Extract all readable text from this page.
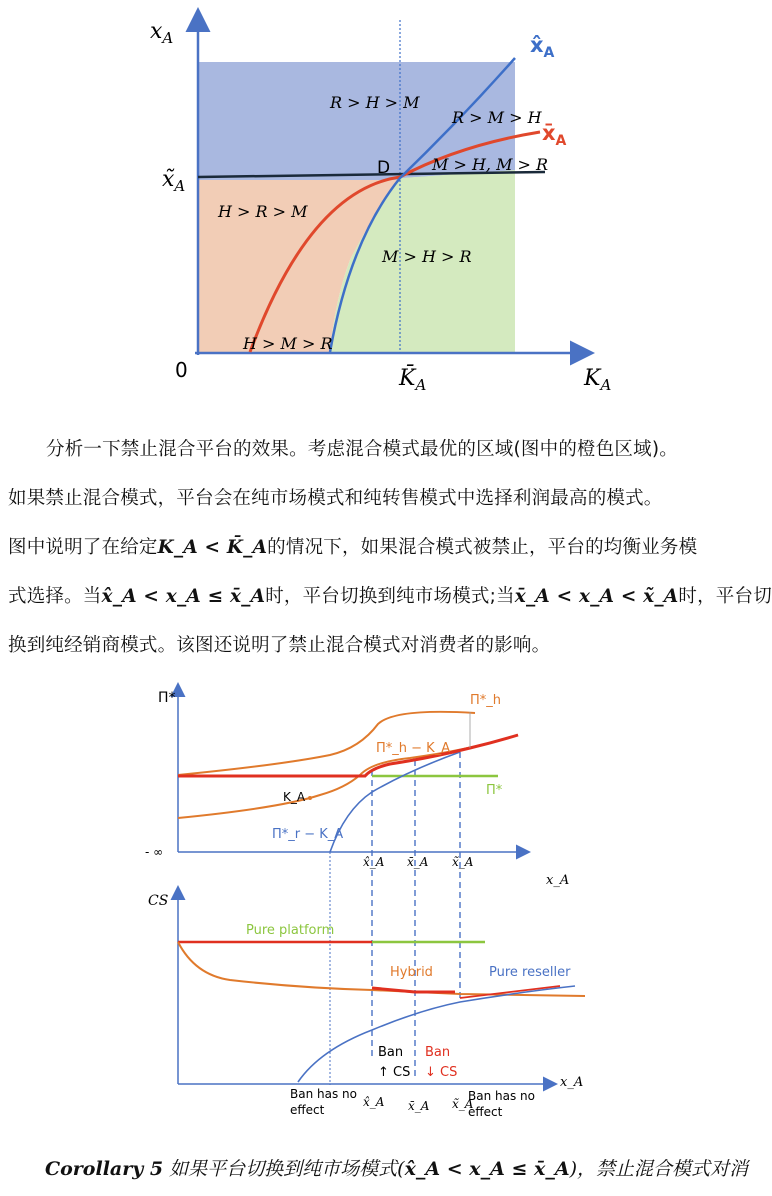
$x_A$
$K_A$
0
$x̃_A$
$K̄_A$
$x̂_A$
$x̄_A$
D
R > H > M
R > M > H
M > H, M > R
H > R > M
M > H > R
H > M > R
分析一下禁止混合平台的效果。考虑混合模式最优的区域(图中的橙色区域)。
如果禁止混合模式，平台会在纯市场模式和纯转售模式中选择利润最高的模式。
图中说明了在给定K_A < K̄_A的情况下，如果混合模式被禁止，平台的均衡业务模
式选择。当x̂_A < x_A ≤ x̄_A时，平台切换到纯市场模式;当x̄_A < x_A < x̃_A时，平台切
换到纯经销商模式。该图还说明了禁止混合模式对消费者的影响。
Π*
- ∞
x_A
Π*_h
Π*_h − K_A
K_A	Π*
Π*_r − K_A
x̂_A x̄_A x̃_A
CS
x_A
Pure platform
Hybrid	Pure reseller
Ban
↑ CS
Ban
↓ CS
Ban has no
effect
Ban has no
effect
x̂_A x̄_A x̃_A
Corollary 5 如果平台切换到纯市场模式(x̂_A < x_A ≤ x̄_A)，禁止混合模式对消
